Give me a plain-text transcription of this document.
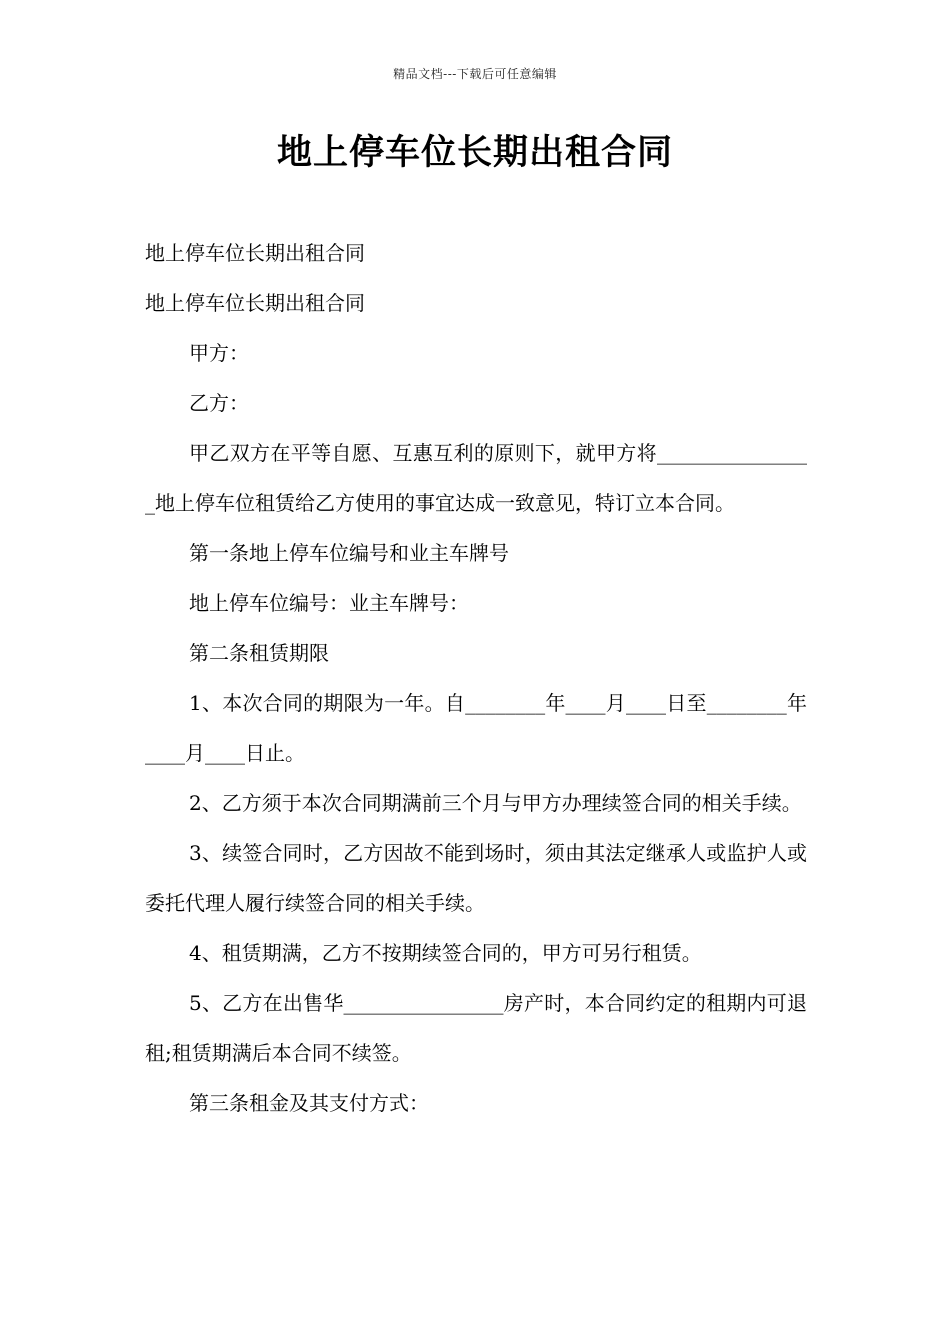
精品文档---下载后可任意编辑
地上停车位长期出租合同

地上停车位长期出租合同

地上停车位长期出租合同

甲方：

乙方：

甲乙双方在平等自愿、互惠互利的原则下，就甲方将________________地上停车位租赁给乙方使用的事宜达成一致意见，特订立本合同。

第一条地上停车位编号和业主车牌号

地上停车位编号：业主车牌号：

第二条租赁期限

1、本次合同的期限为一年。自________年____月____日至________年____月____日止。

2、乙方须于本次合同期满前三个月与甲方办理续签合同的相关手续。

3、续签合同时，乙方因故不能到场时，须由其法定继承人或监护人或委托代理人履行续签合同的相关手续。

4、租赁期满，乙方不按期续签合同的，甲方可另行租赁。

5、乙方在出售华________________房产时，本合同约定的租期内可退租;租赁期满后本合同不续签。

第三条租金及其支付方式：
